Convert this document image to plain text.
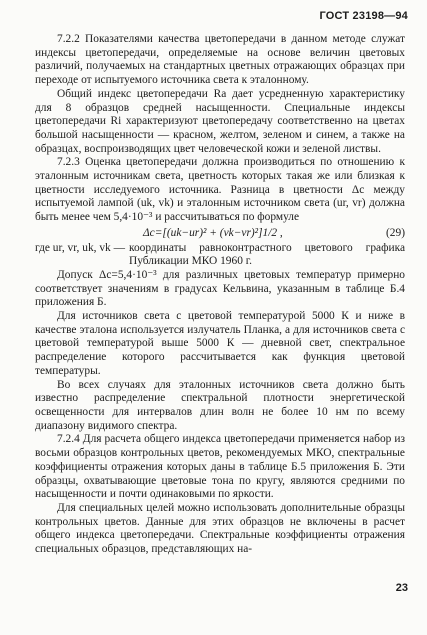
ГОСТ 23198—94

7.2.2 Показателями качества цветопередачи в данном методе служат индексы цветопередачи, определяемые на основе величин цветовых различий, получаемых на стандартных цветных отражающих образцах при переходе от испытуемого источника света к эталонному.

Общий индекс цветопередачи Ra дает усредненную характеристику для 8 образцов средней насыщенности. Специальные индексы цветопередачи Ri характеризуют цветопередачу соответственно на цветах большой насыщенности — красном, желтом, зеленом и синем, а также на образцах, воспроизводящих цвет человеческой кожи и зеленой листвы.

7.2.3 Оценка цветопередачи должна производиться по отношению к эталонным источникам света, цветность которых такая же или близкая к цветности исследуемого источника. Разница в цветности Δc между испытуемой лампой (uk, vk) и эталонным источником света (ur, vr) должна быть менее чем 5,4·10⁻³ и рассчитываться по формуле

Δc=[(uk−ur)² + (vk−vr)²]1/2 ,	(29)
где ur, vr, uk, vk — координаты равноконтрастного цветового графика Публикации МКО 1960 г.

Допуск Δc=5,4·10⁻³ для различных цветовых температур примерно соответствует значениям в градусах Кельвина, указанным в таблице Б.4 приложения Б.

Для источников света с цветовой температурой 5000 К и ниже в качестве эталона используется излучатель Планка, а для источников света с цветовой температурой выше 5000 К — дневной свет, спектральное распределение которого рассчитывается как функция цветовой температуры.

Во всех случаях для эталонных источников света должно быть известно распределение спектральной плотности энергетической освещенности для интервалов длин волн не более 10 нм по всему диапазону видимого спектра.

7.2.4 Для расчета общего индекса цветопередачи применяется набор из восьми образцов контрольных цветов, рекомендуемых МКО, спектральные коэффициенты отражения которых даны в таблице Б.5 приложения Б. Эти образцы, охватывающие цветовые тона по кругу, являются средними по насыщенности и почти одинаковыми по яркости.

Для специальных целей можно использовать дополнительные образцы контрольных цветов. Данные для этих образцов не включены в расчет общего индекса цветопередачи. Спектральные коэффициенты отражения специальных образцов, представляющих на-

23
